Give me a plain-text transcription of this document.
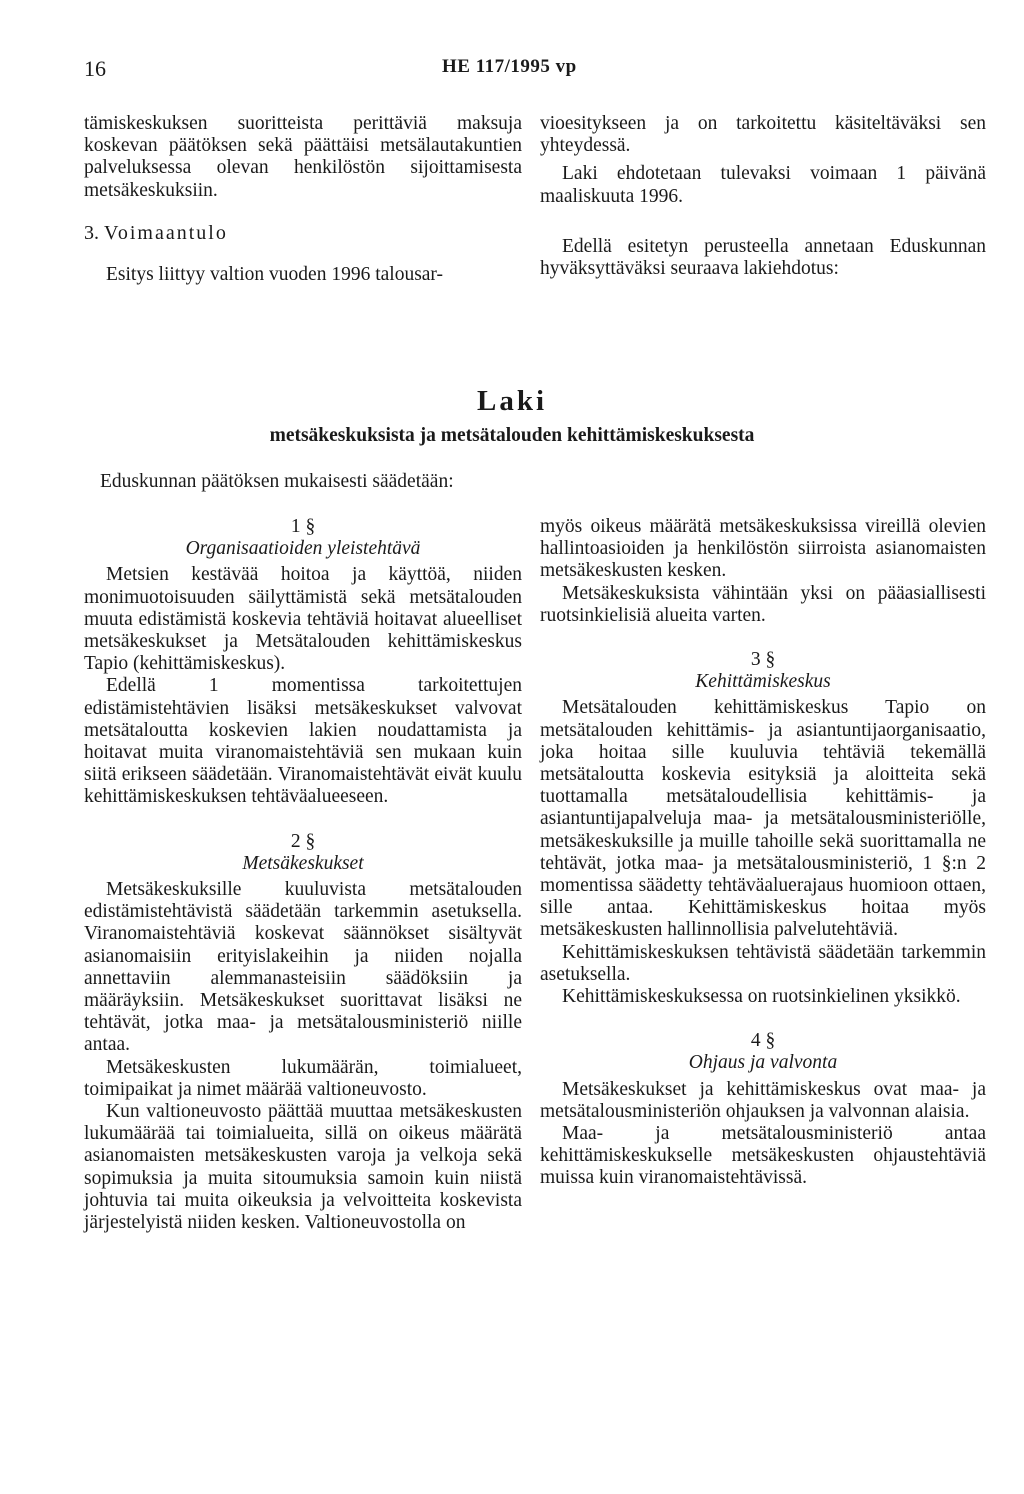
16	HE 117/1995 vp

tämiskeskuksen suoritteista perittäviä maksuja koskevan päätöksen sekä päättäisi metsälautakuntien palveluksessa olevan henkilöstön sijoittamisesta metsäkeskuksiin.

3. Voimaantulo

Esitys liittyy valtion vuoden 1996 talousar-

vioesitykseen ja on tarkoitettu käsiteltäväksi sen yhteydessä.

Laki ehdotetaan tulevaksi voimaan 1 päivänä maaliskuuta 1996.

Edellä esitetyn perusteella annetaan Eduskunnan hyväksyttäväksi seuraava lakiehdotus:

Laki
metsäkeskuksista ja metsätalouden kehittämiskeskuksesta
Eduskunnan päätöksen mukaisesti säädetään:
1 §
Organisaatioiden yleistehtävä

Metsien kestävää hoitoa ja käyttöä, niiden monimuotoisuuden säilyttämistä sekä metsätalouden muuta edistämistä koskevia tehtäviä hoitavat alueelliset metsäkeskukset ja Metsätalouden kehittämiskeskus Tapio (kehittämiskeskus).

Edellä 1 momentissa tarkoitettujen edistämistehtävien lisäksi metsäkeskukset valvovat metsätaloutta koskevien lakien noudattamista ja hoitavat muita viranomaistehtäviä sen mukaan kuin siitä erikseen säädetään. Viranomaistehtävät eivät kuulu kehittämiskeskuksen tehtäväalueeseen.

2 §
Metsäkeskukset

Metsäkeskuksille kuuluvista metsätalouden edistämistehtävistä säädetään tarkemmin asetuksella. Viranomaistehtäviä koskevat säännökset sisältyvät asianomaisiin erityislakeihin ja niiden nojalla annettaviin alemmanasteisiin säädöksiin ja määräyksiin. Metsäkeskukset suorittavat lisäksi ne tehtävät, jotka maa- ja metsätalousministeriö niille antaa.

Metsäkeskusten lukumäärän, toimialueet, toimipaikat ja nimet määrää valtioneuvosto.

Kun valtioneuvosto päättää muuttaa metsäkeskusten lukumäärää tai toimialueita, sillä on oikeus määrätä asianomaisten metsäkeskusten varoja ja velkoja sekä sopimuksia ja muita sitoumuksia samoin kuin niistä johtuvia tai muita oikeuksia ja velvoitteita koskevista järjestelyistä niiden kesken. Valtioneuvostolla on

myös oikeus määrätä metsäkeskuksissa vireillä olevien hallintoasioiden ja henkilöstön siirroista asianomaisten metsäkeskusten kesken.

Metsäkeskuksista vähintään yksi on pääasiallisesti ruotsinkielisiä alueita varten.

3 §
Kehittämiskeskus

Metsätalouden kehittämiskeskus Tapio on metsätalouden kehittämis- ja asiantuntijaorganisaatio, joka hoitaa sille kuuluvia tehtäviä tekemällä metsätaloutta koskevia esityksiä ja aloitteita sekä tuottamalla metsätaloudellisia kehittämis- ja asiantuntijapalveluja maa- ja metsätalousministeriölle, metsäkeskuksille ja muille tahoille sekä suorittamalla ne tehtävät, jotka maa- ja metsätalousministeriö, 1 §:n 2 momentissa säädetty tehtäväaluerajaus huomioon ottaen, sille antaa. Kehittämiskeskus hoitaa myös metsäkeskusten hallinnollisia palvelutehtäviä.

Kehittämiskeskuksen tehtävistä säädetään tarkemmin asetuksella.

Kehittämiskeskuksessa on ruotsinkielinen yksikkö.

4 §
Ohjaus ja valvonta

Metsäkeskukset ja kehittämiskeskus ovat maa- ja metsätalousministeriön ohjauksen ja valvonnan alaisia.

Maa- ja metsätalousministeriö antaa kehittämiskeskukselle metsäkeskusten ohjaustehtäviä muissa kuin viranomaistehtävissä.
